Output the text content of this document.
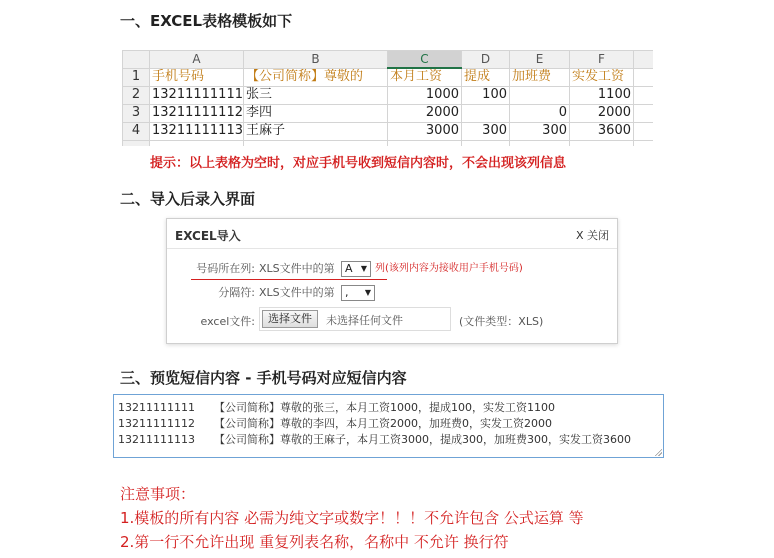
一、EXCEL表格模板如下
	A	B	C	D	E	F	
1	手机号码	【公司简称】尊敬的	本月工资	提成	加班费	实发工资	
2	13211111111	张三	1000	100		1100	
3	13211111112	李四	2000		0	2000	
4	13211111113	王麻子	3000	300	300	3600	

提示：以上表格为空时，对应手机号收到短信内容时，不会出现该列信息
二、导入后录入界面
EXCEL导入	X 关闭
号码所在列: XLS文件中的第 A ▼ 列(该列内容为接收用户手机号码)
分隔符: XLS文件中的第 , ▼
excel文件:	选择文件	未选择任何文件	(文件类型：XLS)
三、预览短信内容 - 手机号码对应短信内容
13211111111 【公司简称】尊敬的张三，本月工资1000，提成100，实发工资1100
13211111112 【公司简称】尊敬的李四，本月工资2000，加班费0，实发工资2000
13211111113 【公司简称】尊敬的王麻子，本月工资3000，提成300，加班费300，实发工资3600
注意事项：
1.模板的所有内容 必需为纯文字或数字！！！不允许包含 公式运算 等
2.第一行不允许出现 重复列表名称，名称中 不允许 换行符
